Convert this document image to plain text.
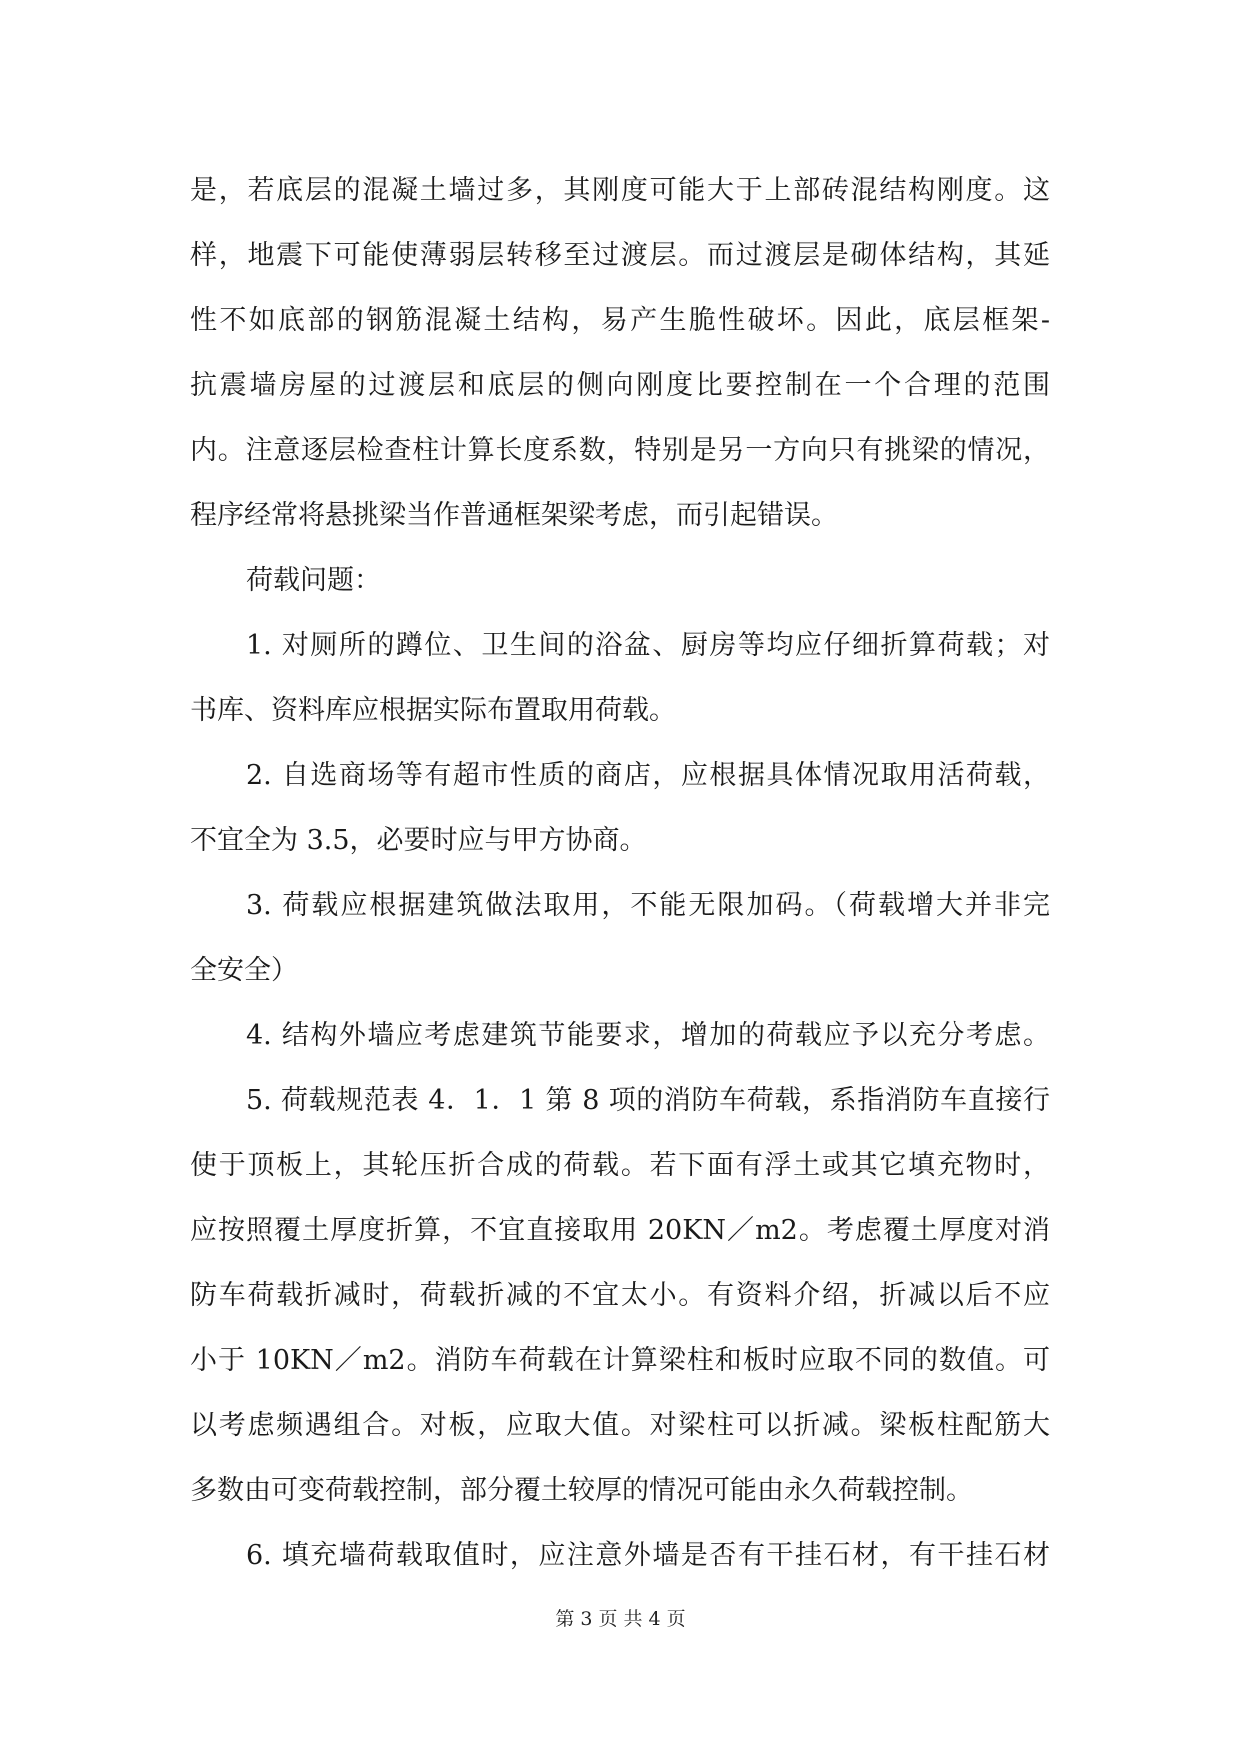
是，若底层的混凝土墙过多，其刚度可能大于上部砖混结构刚度。这
样，地震下可能使薄弱层转移至过渡层。而过渡层是砌体结构，其延
性不如底部的钢筋混凝土结构，易产生脆性破坏。因此，底层框架-
抗震墙房屋的过渡层和底层的侧向刚度比要控制在一个合理的范围
内。注意逐层检查柱计算长度系数，特别是另一方向只有挑梁的情况，
程序经常将悬挑梁当作普通框架梁考虑，而引起错误。
荷载问题：
1. 对厕所的蹲位、卫生间的浴盆、厨房等均应仔细折算荷载；对
书库、资料库应根据实际布置取用荷载。
2. 自选商场等有超市性质的商店，应根据具体情况取用活荷载，
不宜全为 3.5，必要时应与甲方协商。
3. 荷载应根据建筑做法取用，不能无限加码。（荷载增大并非完
全安全）
4. 结构外墙应考虑建筑节能要求，增加的荷载应予以充分考虑。
5. 荷载规范表 4．1．1 第 8 项的消防车荷载，系指消防车直接行
使于顶板上，其轮压折合成的荷载。若下面有浮土或其它填充物时，
应按照覆土厚度折算，不宜直接取用 20KN／m2。考虑覆土厚度对消
防车荷载折减时，荷载折减的不宜太小。有资料介绍，折减以后不应
小于 10KN／m2。消防车荷载在计算梁柱和板时应取不同的数值。可
以考虑频遇组合。对板，应取大值。对梁柱可以折减。梁板柱配筋大
多数由可变荷载控制，部分覆土较厚的情况可能由永久荷载控制。
6. 填充墙荷载取值时，应注意外墙是否有干挂石材，有干挂石材
第 3 页 共 4 页
